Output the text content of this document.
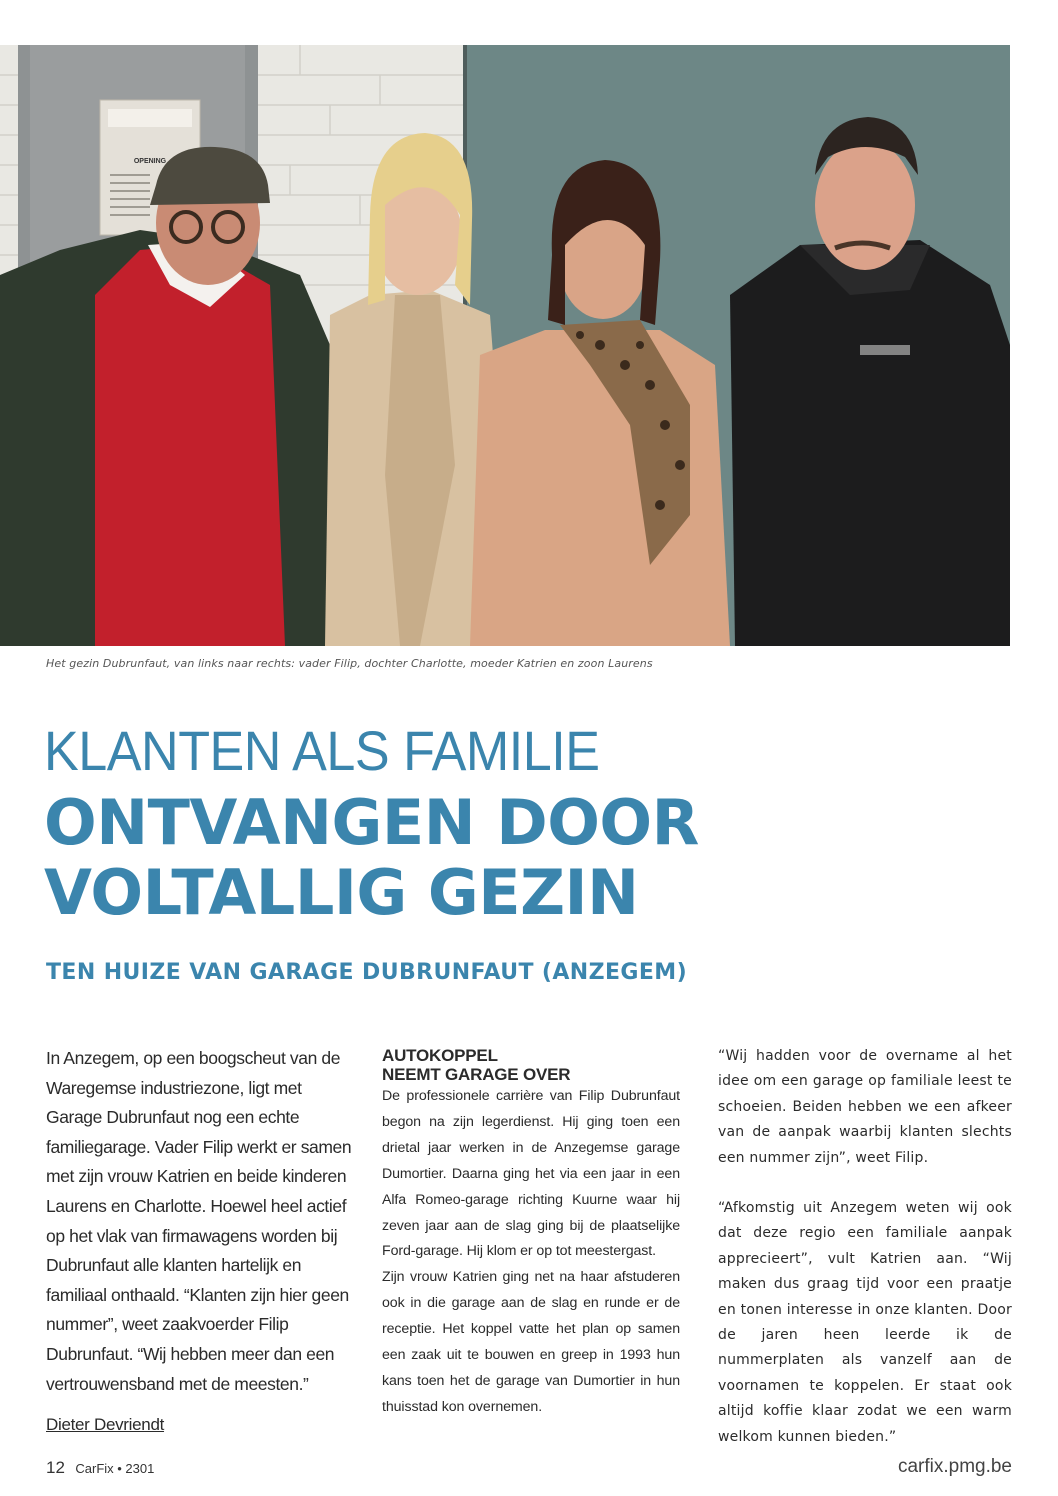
OPENING
Het gezin Dubrunfaut, van links naar rechts: vader Filip, dochter Charlotte, moeder Katrien en zoon Laurens
KLANTEN ALS FAMILIE
ONTVANGEN DOOR
VOLTALLIG GEZIN
TEN HUIZE VAN GARAGE DUBRUNFAUT (ANZEGEM)

In Anzegem, op een boogscheut van de Waregemse industriezone, ligt met Garage Dubrunfaut nog een echte familiegarage. Vader Filip werkt er samen met zijn vrouw Katrien en beide kinderen Laurens en Charlotte. Hoewel heel actief op het vlak van firmawagens worden bij Dubrunfaut alle klanten hartelijk en familiaal onthaald. “Klanten zijn hier geen nummer”, weet zaakvoerder Filip Dubrunfaut. “Wij hebben meer dan een vertrouwensband met de meesten.”

Dieter Devriendt
AUTOKOPPEL
NEEMT GARAGE OVER

De professionele carrière van Filip Dubrunfaut begon na zijn legerdienst. Hij ging toen een drietal jaar werken in de Anzegemse garage Dumortier. Daarna ging het via een jaar in een Alfa Romeo-garage richting Kuurne waar hij zeven jaar aan de slag ging bij de plaatselijke Ford-garage. Hij klom er op tot meestergast.

Zijn vrouw Katrien ging net na haar afstuderen ook in die garage aan de slag en runde er de receptie. Het koppel vatte het plan op samen een zaak uit te bouwen en greep in 1993 hun kans toen het de garage van Dumortier in hun thuisstad kon overnemen.

“Wij hadden voor de overname al het idee om een garage op familiale leest te schoeien. Beiden hebben we een afkeer van de aanpak waarbij klanten slechts een nummer zijn”, weet Filip.

“Afkomstig uit Anzegem weten wij ook dat deze regio een familiale aanpak apprecieert”, vult Katrien aan. “Wij maken dus graag tijd voor een praatje en tonen interesse in onze klanten. Door de jaren heen leerde ik de nummerplaten als vanzelf aan de voornamen te koppelen. Er staat ook altijd koffie klaar zodat we een warm welkom kunnen bieden.”

12 CarFix • 2301	carfix.pmg.be
